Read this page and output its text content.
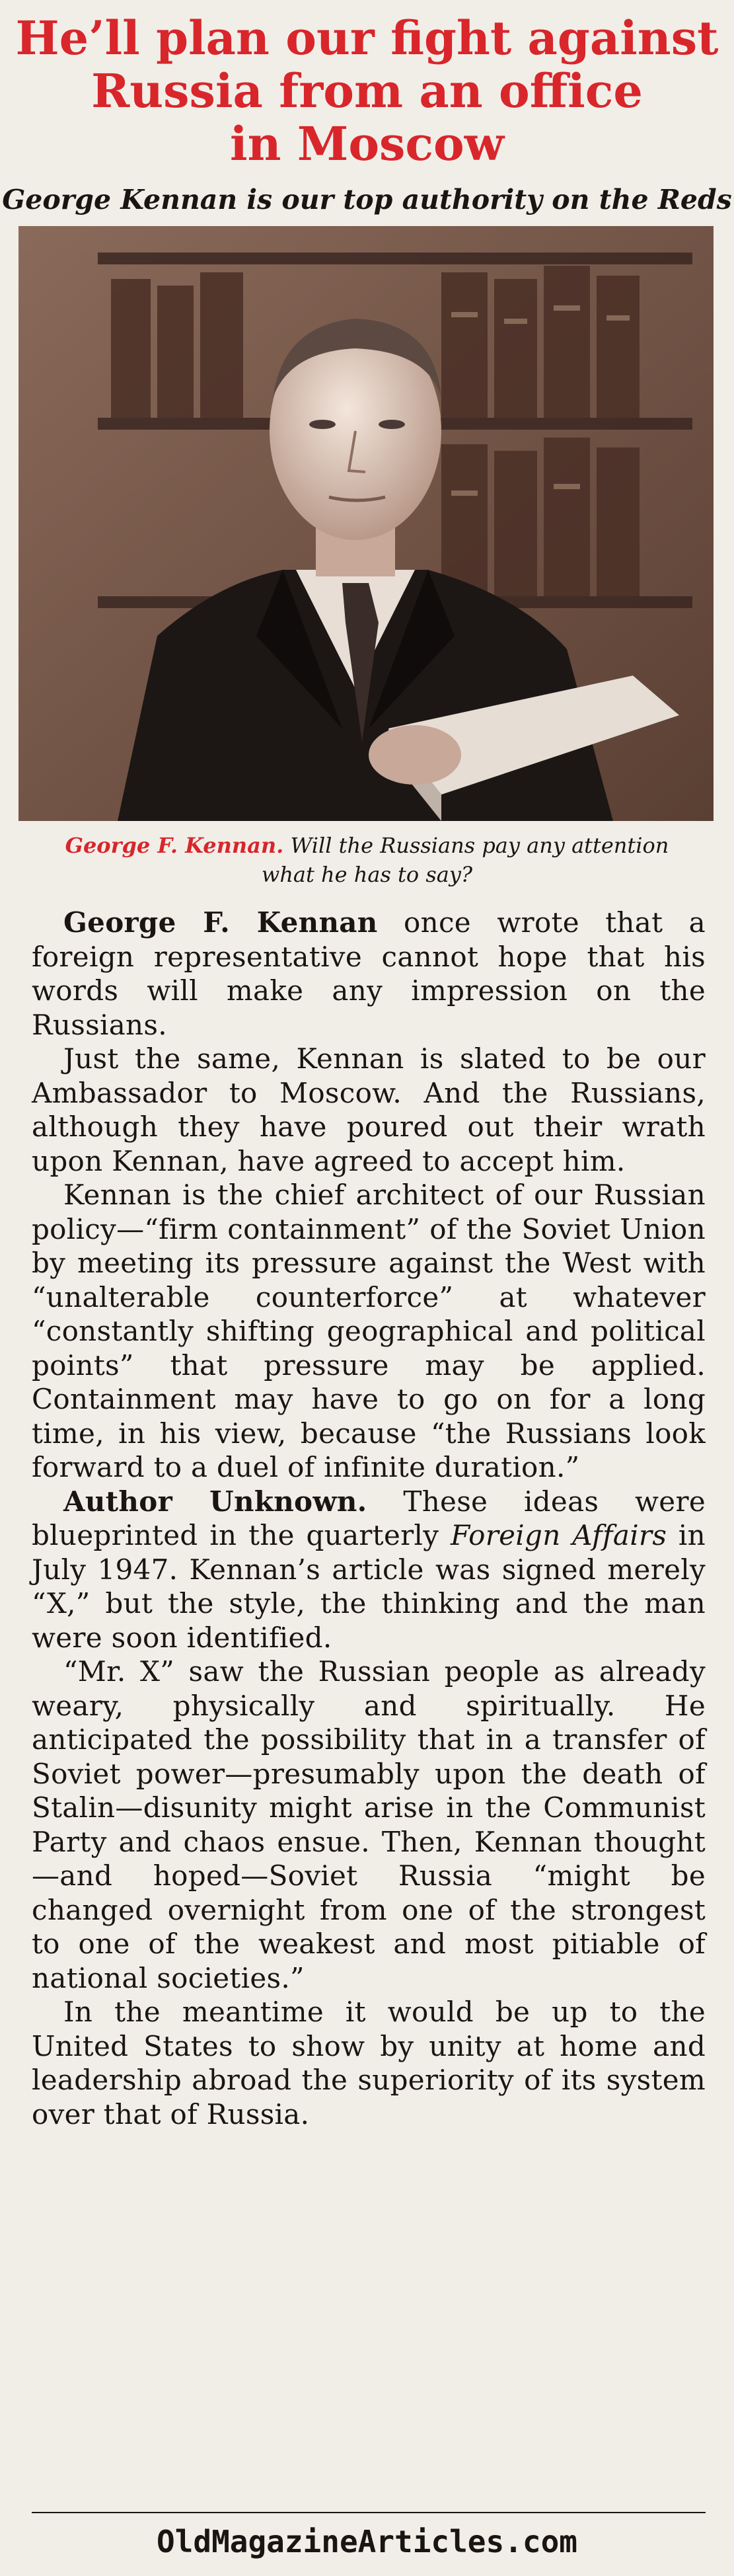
He’ll plan our fight against
Russia from an office
in Moscow

George Kennan is our top authority on the Reds

George F. Kennan. Will the Russians pay any attention
what he has to say?

George F. Kennan once wrote that a foreign representative cannot hope that his words will make any impression on the Russians.

Just the same, Kennan is slated to be our Ambassador to Moscow. And the Russians, although they have poured out their wrath upon Kennan, have agreed to accept him.

Kennan is the chief architect of our Russian policy—“firm containment” of the Soviet Union by meeting its pressure against the West with “unalterable counterforce” at whatever “constantly shifting geographical and political points” that pressure may be applied. Containment may have to go on for a long time, in his view, because “the Russians look forward to a duel of infinite duration.”

Author Unknown. These ideas were blueprinted in the quarterly Foreign Affairs in July 1947. Kennan’s article was signed merely “X,” but the style, the thinking and the man were soon identified.

“Mr. X” saw the Russian people as already weary, physically and spiritually. He anticipated the possibility that in a transfer of Soviet power—presumably upon the death of Stalin—disunity might arise in the Communist Party and chaos ensue. Then, Kennan thought—and hoped—Soviet Russia “might be changed overnight from one of the strongest to one of the weakest and most pitiable of national societies.”

In the meantime it would be up to the United States to show by unity at home and leadership abroad the superiority of its system over that of Russia.

OldMagazineArticles.com
